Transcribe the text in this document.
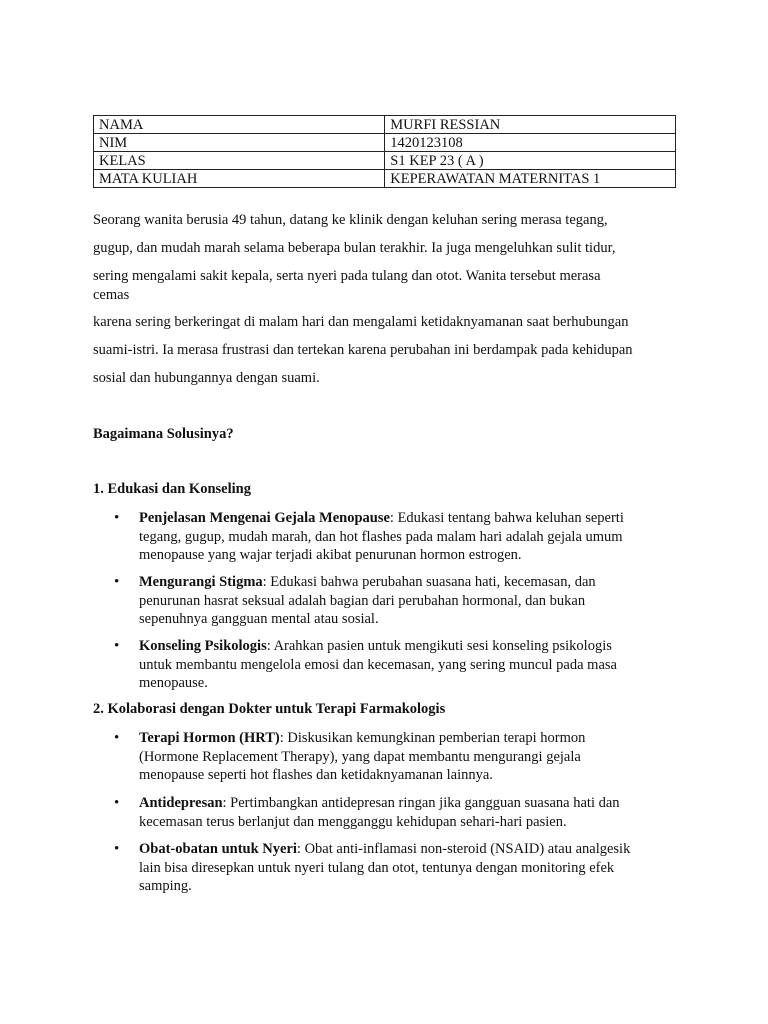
NAMA	MURFI RESSIAN
NIM	1420123108
KELAS	S1 KEP 23 ( A )
MATA KULIAH	KEPERAWATAN MATERNITAS 1
Seorang wanita berusia 49 tahun, datang ke klinik dengan keluhan sering merasa tegang,
gugup, dan mudah marah selama beberapa bulan terakhir. Ia juga mengeluhkan sulit tidur,
sering mengalami sakit kepala, serta nyeri pada tulang dan otot. Wanita tersebut merasa
cemas
karena sering berkeringat di malam hari dan mengalami ketidaknyamanan saat berhubungan
suami-istri. Ia merasa frustrasi dan tertekan karena perubahan ini berdampak pada kehidupan
sosial dan hubungannya dengan suami.
Bagaimana Solusinya?
1. Edukasi dan Konseling
• Penjelasan Mengenai Gejala Menopause: Edukasi tentang bahwa keluhan seperti
tegang, gugup, mudah marah, dan hot flashes pada malam hari adalah gejala umum
menopause yang wajar terjadi akibat penurunan hormon estrogen.
• Mengurangi Stigma: Edukasi bahwa perubahan suasana hati, kecemasan, dan
penurunan hasrat seksual adalah bagian dari perubahan hormonal, dan bukan
sepenuhnya gangguan mental atau sosial.
• Konseling Psikologis: Arahkan pasien untuk mengikuti sesi konseling psikologis
untuk membantu mengelola emosi dan kecemasan, yang sering muncul pada masa
menopause.
2. Kolaborasi dengan Dokter untuk Terapi Farmakologis
• Terapi Hormon (HRT): Diskusikan kemungkinan pemberian terapi hormon
(Hormone Replacement Therapy), yang dapat membantu mengurangi gejala
menopause seperti hot flashes dan ketidaknyamanan lainnya.
• Antidepresan: Pertimbangkan antidepresan ringan jika gangguan suasana hati dan
kecemasan terus berlanjut dan mengganggu kehidupan sehari-hari pasien.
• Obat-obatan untuk Nyeri: Obat anti-inflamasi non-steroid (NSAID) atau analgesik
lain bisa diresepkan untuk nyeri tulang dan otot, tentunya dengan monitoring efek
samping.
